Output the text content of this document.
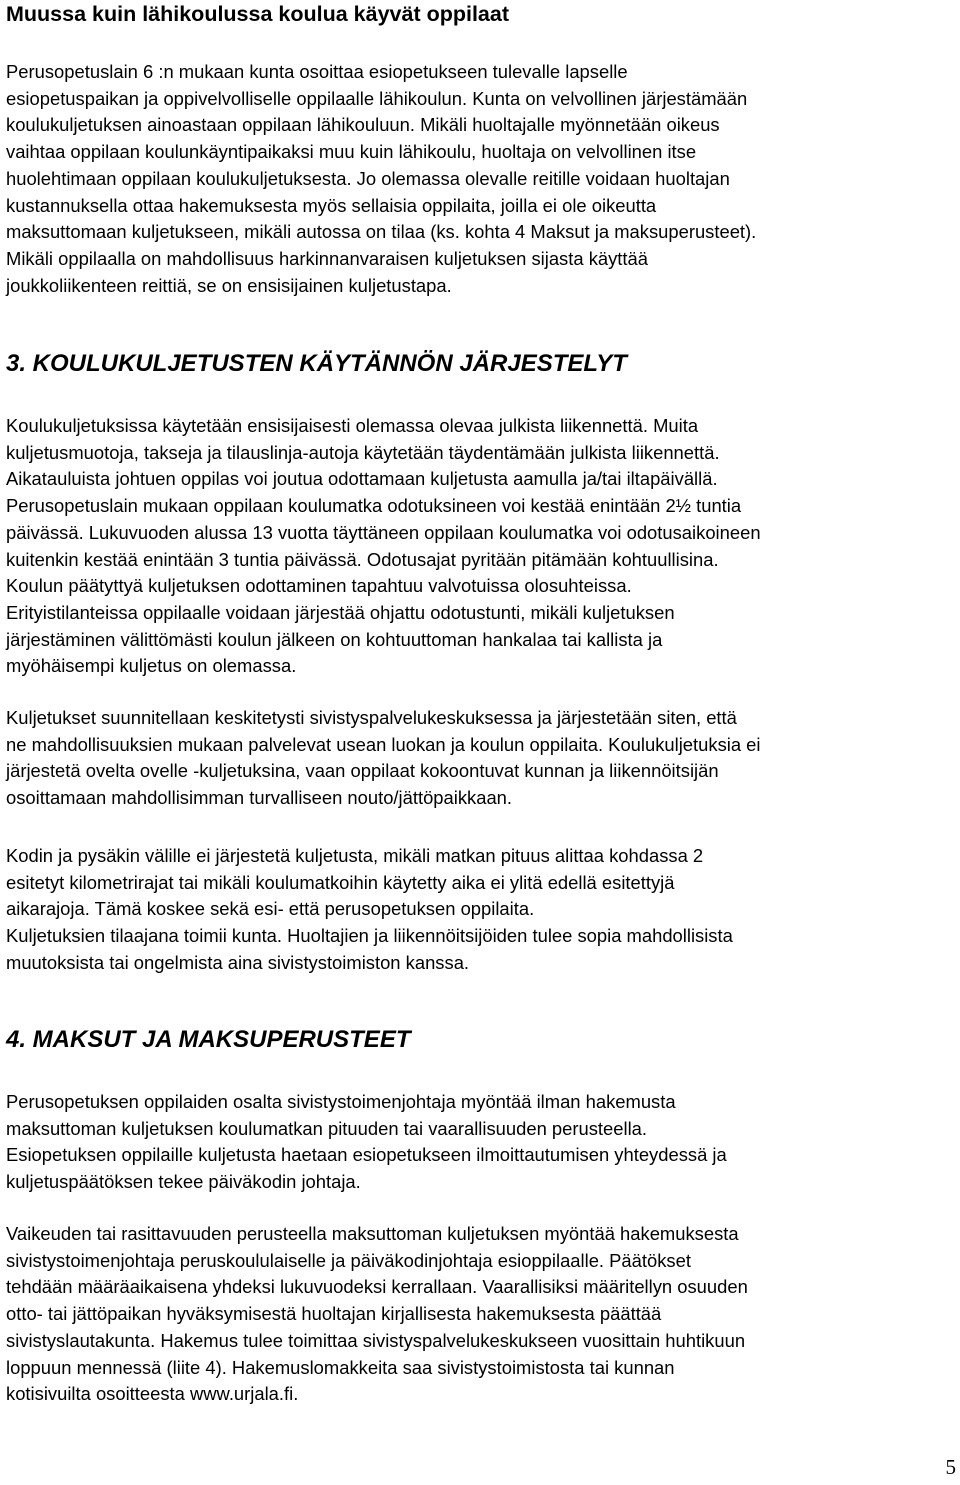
Muussa kuin lähikoulussa koulua käyvät oppilaat
Perusopetuslain 6 :n mukaan kunta osoittaa esiopetukseen tulevalle lapselle
esiopetuspaikan ja oppivelvolliselle oppilaalle lähikoulun. Kunta on velvollinen järjestämään
koulukuljetuksen ainoastaan oppilaan lähikouluun. Mikäli huoltajalle myönnetään oikeus
vaihtaa oppilaan koulunkäyntipaikaksi muu kuin lähikoulu, huoltaja on velvollinen itse
huolehtimaan oppilaan koulukuljetuksesta. Jo olemassa olevalle reitille voidaan huoltajan
kustannuksella ottaa hakemuksesta myös sellaisia oppilaita, joilla ei ole oikeutta
maksuttomaan kuljetukseen, mikäli autossa on tilaa (ks. kohta 4 Maksut ja maksuperusteet).
Mikäli oppilaalla on mahdollisuus harkinnanvaraisen kuljetuksen sijasta käyttää
joukkoliikenteen reittiä, se on ensisijainen kuljetustapa.
3. KOULUKULJETUSTEN KÄYTÄNNÖN JÄRJESTELYT
Koulukuljetuksissa käytetään ensisijaisesti olemassa olevaa julkista liikennettä. Muita
kuljetusmuotoja, takseja ja tilauslinja-autoja käytetään täydentämään julkista liikennettä.
Aikatauluista johtuen oppilas voi joutua odottamaan kuljetusta aamulla ja/tai iltapäivällä.
Perusopetuslain mukaan oppilaan koulumatka odotuksineen voi kestää enintään 2½ tuntia
päivässä. Lukuvuoden alussa 13 vuotta täyttäneen oppilaan koulumatka voi odotusaikoineen
kuitenkin kestää enintään 3 tuntia päivässä. Odotusajat pyritään pitämään kohtuullisina.
Koulun päätyttyä kuljetuksen odottaminen tapahtuu valvotuissa olosuhteissa.
Erityistilanteissa oppilaalle voidaan järjestää ohjattu odotustunti, mikäli kuljetuksen
järjestäminen välittömästi koulun jälkeen on kohtuuttoman hankalaa tai kallista ja
myöhäisempi kuljetus on olemassa.
Kuljetukset suunnitellaan keskitetysti sivistyspalvelukeskuksessa ja järjestetään siten, että
ne mahdollisuuksien mukaan palvelevat usean luokan ja koulun oppilaita. Koulukuljetuksia ei
järjestetä ovelta ovelle -kuljetuksina, vaan oppilaat kokoontuvat kunnan ja liikennöitsijän
osoittamaan mahdollisimman turvalliseen nouto/jättöpaikkaan.
Kodin ja pysäkin välille ei järjestetä kuljetusta, mikäli matkan pituus alittaa kohdassa 2
esitetyt kilometrirajat tai mikäli koulumatkoihin käytetty aika ei ylitä edellä esitettyjä
aikarajoja. Tämä koskee sekä esi- että perusopetuksen oppilaita.
Kuljetuksien tilaajana toimii kunta. Huoltajien ja liikennöitsijöiden tulee sopia mahdollisista
muutoksista tai ongelmista aina sivistystoimiston kanssa.
4. MAKSUT JA MAKSUPERUSTEET
Perusopetuksen oppilaiden osalta sivistystoimenjohtaja myöntää ilman hakemusta
maksuttoman kuljetuksen koulumatkan pituuden tai vaarallisuuden perusteella.
Esiopetuksen oppilaille kuljetusta haetaan esiopetukseen ilmoittautumisen yhteydessä ja
kuljetuspäätöksen tekee päiväkodin johtaja.
Vaikeuden tai rasittavuuden perusteella maksuttoman kuljetuksen myöntää hakemuksesta
sivistystoimenjohtaja peruskoululaiselle ja päiväkodinjohtaja esioppilaalle. Päätökset
tehdään määräaikaisena yhdeksi lukuvuodeksi kerrallaan. Vaarallisiksi määritellyn osuuden
otto- tai jättöpaikan hyväksymisestä huoltajan kirjallisesta hakemuksesta päättää
sivistyslautakunta. Hakemus tulee toimittaa sivistyspalvelukeskukseen vuosittain huhtikuun
loppuun mennessä (liite 4). Hakemuslomakkeita saa sivistystoimistosta tai kunnan
kotisivuilta osoitteesta www.urjala.fi.
5
